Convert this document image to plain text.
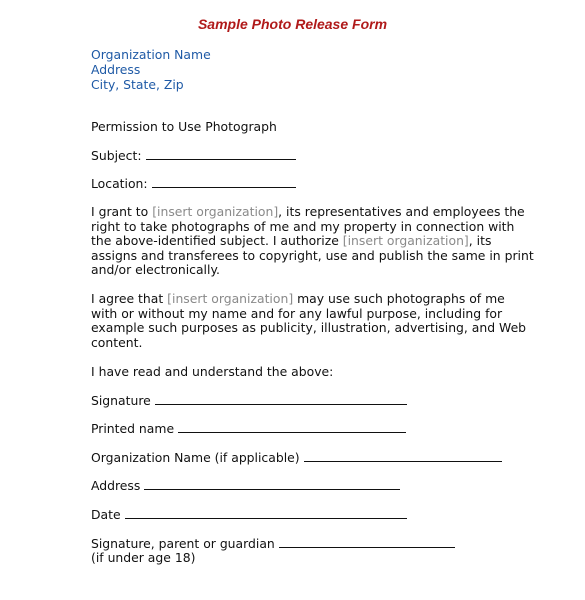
Sample Photo Release Form
Organization Name
Address
City, State, Zip
Permission to Use Photograph
Subject:
Location:
I grant to [insert organization], its representatives and employees the
right to take photographs of me and my property in connection with
the above-identified subject. I authorize [insert organization], its
assigns and transferees to copyright, use and publish the same in print
and/or electronically.
I agree that [insert organization] may use such photographs of me
with or without my name and for any lawful purpose, including for
example such purposes as publicity, illustration, advertising, and Web
content.
I have read and understand the above:
Signature
Printed name
Organization Name (if applicable)
Address
Date
Signature, parent or guardian
(if under age 18)
